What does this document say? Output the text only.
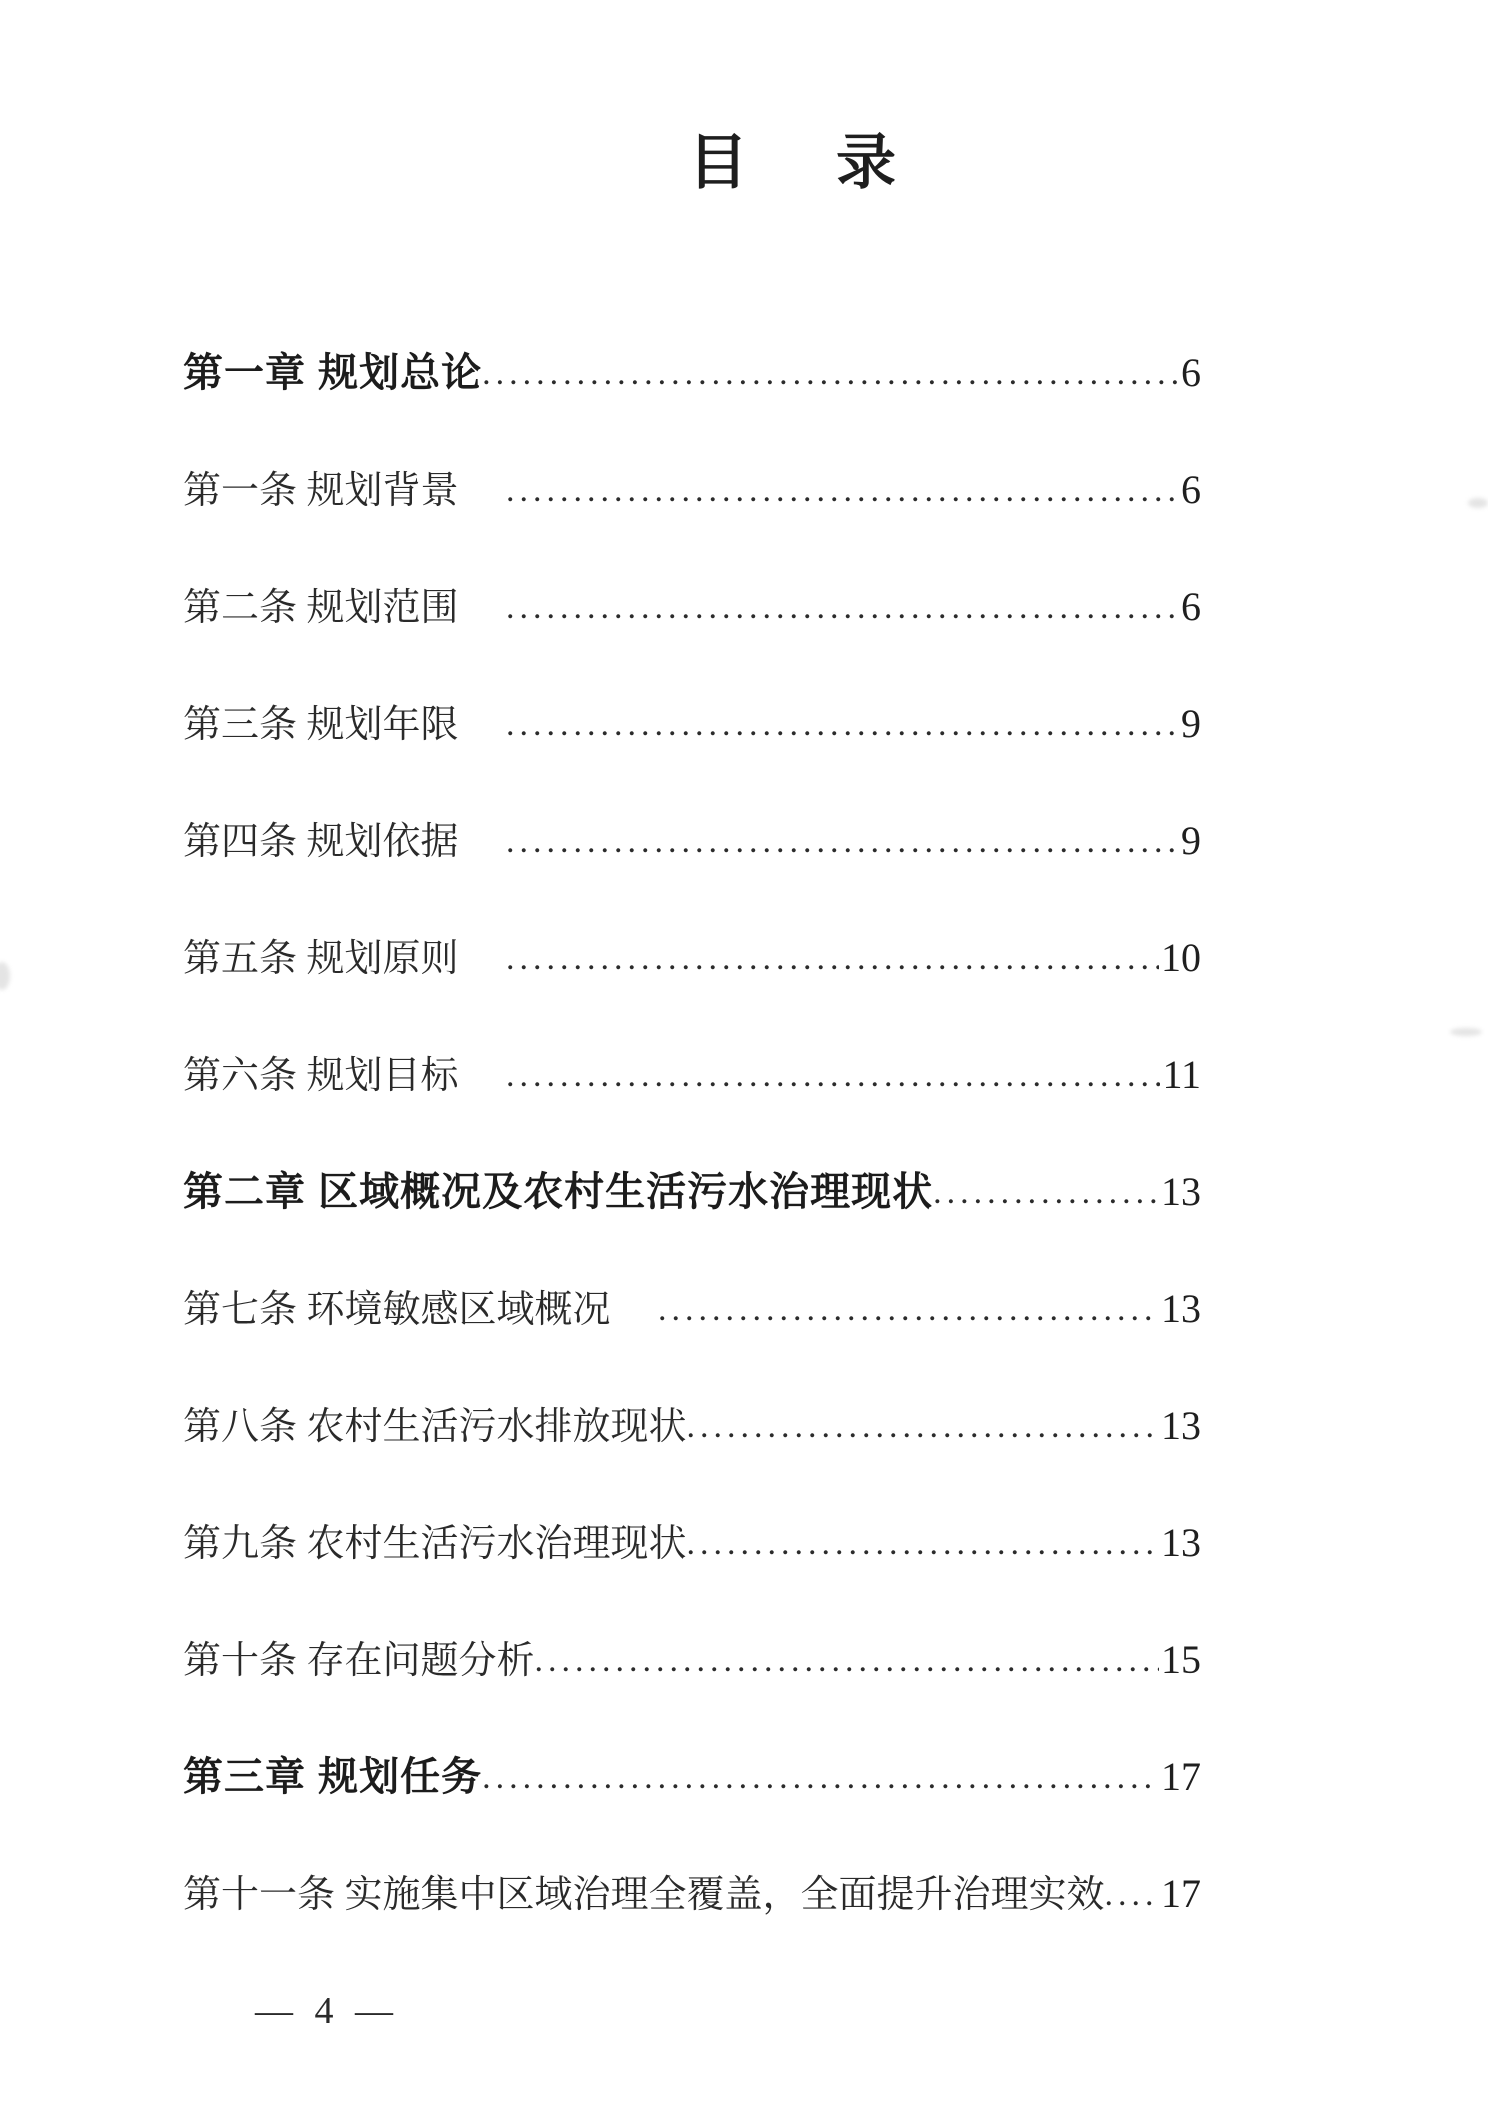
目　录
第一章 规划总论 .....	6
第一条 规划背景　 .....	6
第二条 规划范围　 .....	6
第三条 规划年限　 .....	9
第四条 规划依据　 .....	9
第五条 规划原则　 .....	10
第六条 规划目标　 .....	11
第二章 区域概况及农村生活污水治理现状 .....	13
第七条 环境敏感区域概况　 .....	13
第八条 农村生活污水排放现状 .....	13
第九条 农村生活污水治理现状 .....	13
第十条 存在问题分析 .....	15
第三章 规划任务 .....	17
第十一条 实施集中区域治理全覆盖，全面提升治理实效 ..... 17
— 4 —
